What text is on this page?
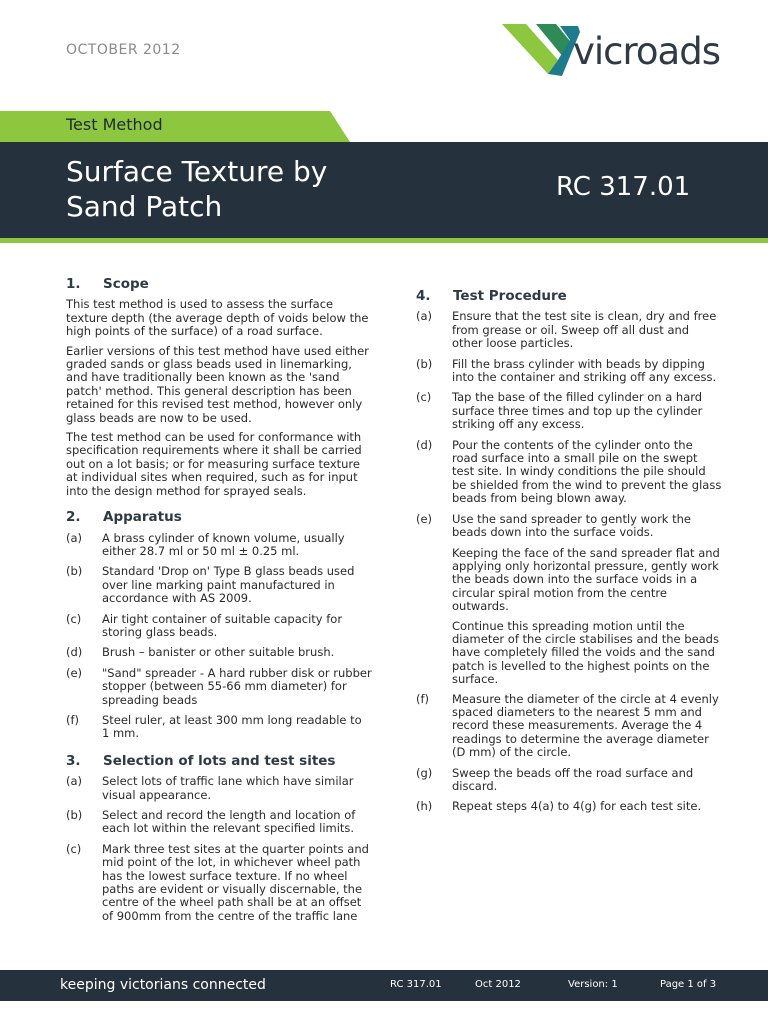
OCTOBER 2012	vicroads
Test Method
Surface Texture by
Sand Patch
RC 317.01
1.	Scope
This test method is used to assess the surface texture depth (the average depth of voids below the high points of the surface) of a road surface.
Earlier versions of this test method have used either graded sands or glass beads used in linemarking, and have traditionally been known as the 'sand patch' method. This general description has been retained for this revised test method, however only glass beads are now to be used.
The test method can be used for conformance with specification requirements where it shall be carried out on a lot basis; or for measuring surface texture at individual sites when required, such as for input into the design method for sprayed seals.
2.	Apparatus
(a)	A brass cylinder of known volume, usually either 28.7 ml or 50 ml ± 0.25 ml.
(b)	Standard 'Drop on' Type B glass beads used over line marking paint manufactured in accordance with AS 2009.
(c)	Air tight container of suitable capacity for storing glass beads.
(d)	Brush – banister or other suitable brush.
(e)	"Sand" spreader - A hard rubber disk or rubber stopper (between 55-66 mm diameter) for spreading beads
(f)	Steel ruler, at least 300 mm long readable to 1 mm.
3.	Selection of lots and test sites
(a)	Select lots of traffic lane which have similar visual appearance.
(b)	Select and record the length and location of each lot within the relevant specified limits.
(c)	Mark three test sites at the quarter points and mid point of the lot, in whichever wheel path has the lowest surface texture. If no wheel paths are evident or visually discernable, the centre of the wheel path shall be at an offset of 900mm from the centre of the traffic lane
4.	Test Procedure
(a)	Ensure that the test site is clean, dry and free from grease or oil. Sweep off all dust and other loose particles.
(b)	Fill the brass cylinder with beads by dipping into the container and striking off any excess.
(c)	Tap the base of the filled cylinder on a hard surface three times and top up the cylinder striking off any excess.
(d)	Pour the contents of the cylinder onto the road surface into a small pile on the swept test site. In windy conditions the pile should be shielded from the wind to prevent the glass beads from being blown away.
(e)	Use the sand spreader to gently work the beads down into the surface voids.
Keeping the face of the sand spreader flat and applying only horizontal pressure, gently work the beads down into the surface voids in a circular spiral motion from the centre outwards.
Continue this spreading motion until the diameter of the circle stabilises and the beads have completely filled the voids and the sand patch is levelled to the highest points on the surface.
(f)	Measure the diameter of the circle at 4 evenly spaced diameters to the nearest 5 mm and record these measurements. Average the 4 readings to determine the average diameter (D mm) of the circle.
(g)	Sweep the beads off the road surface and discard.
(h)	Repeat steps 4(a) to 4(g) for each test site.
keeping victorians connected	RC 317.01	Oct 2012	Version: 1	Page 1 of 3
